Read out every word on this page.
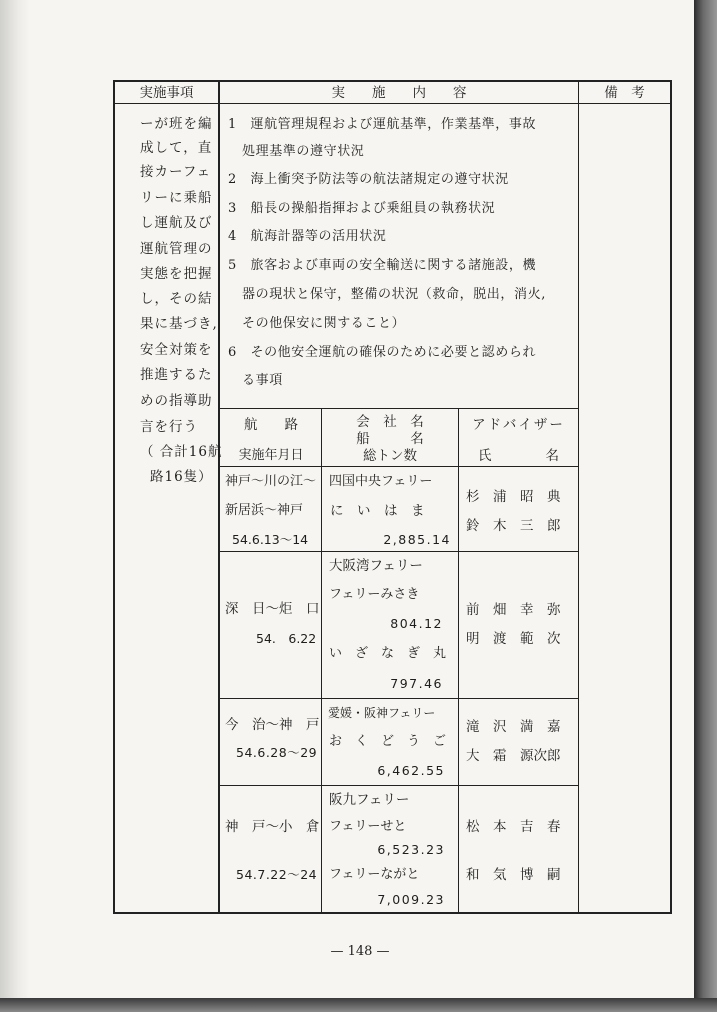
実施事項	実　　施　　内　　容	備　考
ーが班を編
成して，直
接カーフェ
リーに乗船
し運航及び
運航管理の
実態を把握
し，その結
果に基づき,
安全対策を
推進するた
めの指導助
言を行う
（ 合計16航
路16隻）
1　運航管理規程および運航基準，作業基準，事故
処理基準の遵守状況
2　海上衝突予防法等の航法諸規定の遵守状況
3　船長の操船指揮および乗組員の執務状況
4　航海計器等の活用状況
5　旅客および車両の安全輸送に関する諸施設，機
器の現状と保守，整備の状況（救命，脱出，消火,
その他保安に関すること）
6　その他安全運航の確保のために必要と認められ
る事項
航　　路
実施年月日
会　社　名
船　　　名
総トン数
アドバイザー
氏　　　　名
神戸〜川の江〜
新居浜〜神戸
54.6.13〜14
四国中央フェリー
に　い　は　ま
2,885.14
杉　浦　昭　典
鈴　木　三　郎
深　日〜炬　口
54.　6.22
大阪湾フェリー
フェリーみさき
804.12
い　ざ　な　ぎ　丸
797.46
前　畑　幸　弥
明　渡　範　次
今　治〜神　戸
54.6.28〜29
愛媛・阪神フェリー
お　く　ど　う　ご
6,462.55
滝　沢　満　嘉
大　霜　源次郎
神　戸〜小　倉
54.7.22〜24
阪九フェリー
フェリーせと
6,523.23
フェリーながと
7,009.23
松　本　吉　春
和　気　博　嗣
— 148 —
